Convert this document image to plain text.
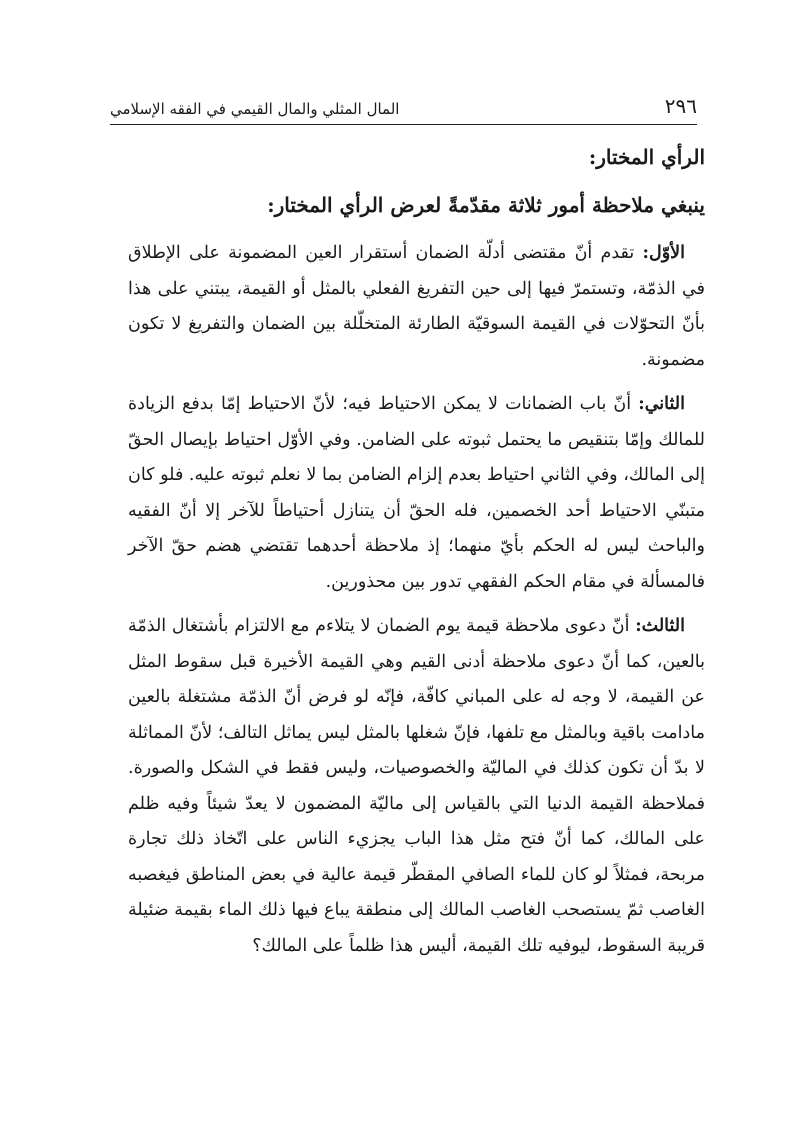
٢٩٦
المال المثلي والمال القيمي في الفقه الإسلامي
الرأي المختار:
ينبغي ملاحظة أمور ثلاثة مقدّمةً لعرض الرأي المختار:

الأوّل: تقدم أنّ مقتضى أدلّة الضمان أستقرار العين المضمونة على الإطلاق في الذمّة، وتستمرّ فيها إلى حين التفريغ الفعلي بالمثل أو القيمة، يبتني على هذا بأنّ التحوّلات في القيمة السوقيّة الطارئة المتخلّلة بين الضمان والتفريغ لا تكون مضمونة.

الثاني: أنّ باب الضمانات لا يمكن الاحتياط فيه؛ لأنّ الاحتياط إمّا بدفع الزيادة للمالك وإمّا بتنقيص ما يحتمل ثبوته على الضامن. وفي الأوّل احتياط بإيصال الحقّ إلى المالك، وفي الثاني احتياط بعدم إلزام الضامن بما لا نعلم ثبوته عليه. فلو كان متبنّي الاحتياط أحد الخصمين، فله الحقّ أن يتنازل أحتياطاً للآخر إلا أنّ الفقيه والباحث ليس له الحكم بأيّ منهما؛ إذ ملاحظة أحدهما تقتضي هضم حقّ الآخر فالمسألة في مقام الحكم الفقهي تدور بين محذورين.

الثالث: أنّ دعوى ملاحظة قيمة يوم الضمان لا يتلاءم مع الالتزام بأشتغال الذمّة بالعين، كما أنّ دعوى ملاحظة أدنى القيم وهي القيمة الأخيرة قبل سقوط المثل عن القيمة، لا وجه له على المباني كافّة، فإنّه لو فرض أنّ الذمّة مشتغلة بالعين مادامت باقية وبالمثل مع تلفها، فإنّ شغلها بالمثل ليس يماثل التالف؛ لأنّ المماثلة لا بدّ أن تكون كذلك في الماليّة والخصوصيات، وليس فقط في الشكل والصورة. فملاحظة القيمة الدنيا التي بالقياس إلى ماليّة المضمون لا يعدّ شيئاً وفيه ظلم على المالك، كما أنّ فتح مثل هذا الباب يجزيء الناس على اتّخاذ ذلك تجارة مربحة، فمثلاً لو كان للماء الصافي المقطّر قيمة عالية في بعض المناطق فيغصبه الغاصب ثمّ يستصحب الغاصب المالك إلى منطقة يباع فيها ذلك الماء بقيمة ضئيلة قريبة السقوط، ليوفيه تلك القيمة، أليس هذا ظلماً على المالك؟
